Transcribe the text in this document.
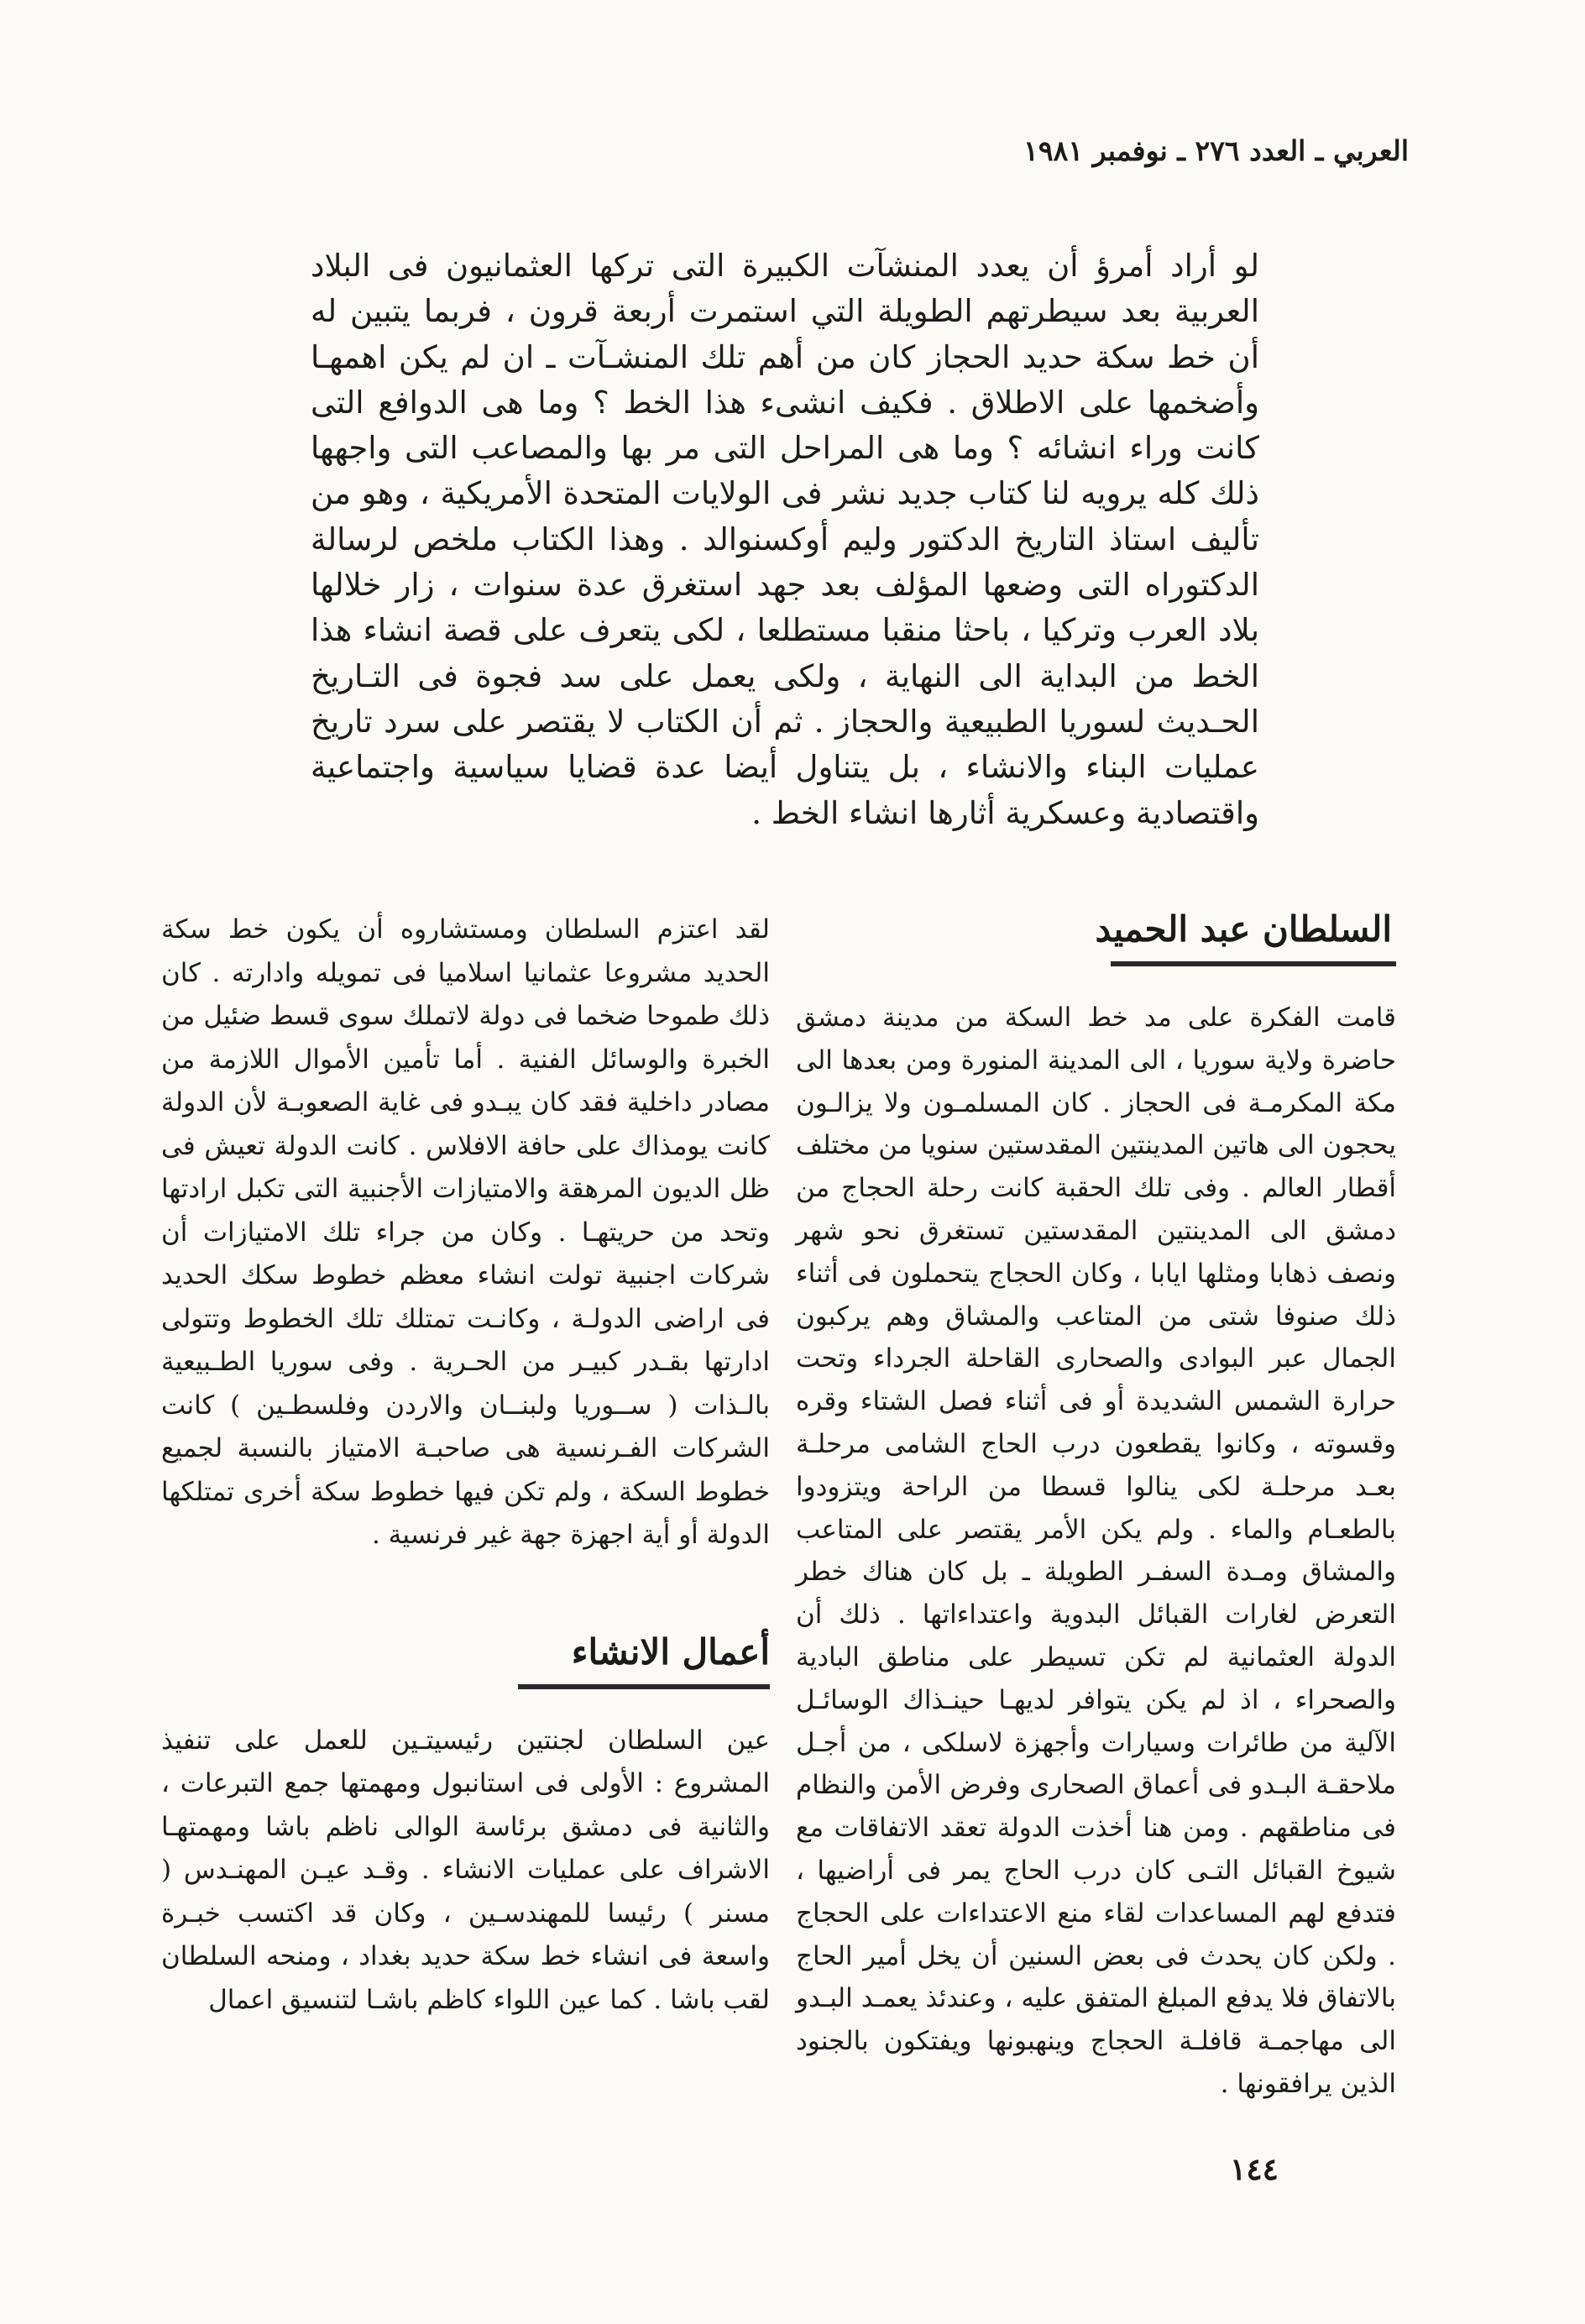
العربي ـ العدد ٢٧٦ ـ نوفمبر ١٩٨١

لو أراد أمرؤ أن يعدد المنشآت الكبيرة التى تركها العثمانيون فى البلاد العربية بعد سيطرتهم الطويلة التي استمرت أربعة قرون ، فربما يتبين له أن خط سكة حديد الحجاز كان من أهم تلك المنشـآت ـ ان لم يكن اهمهـا وأضخمها على الاطلاق . فكيف انشىء هذا الخط ؟ وما هى الدوافع التى كانت وراء انشائه ؟ وما هى المراحل التى مر بها والمصاعب التى واجهها ذلك كله يرويه لنا كتاب جديد نشر فى الولايات المتحدة الأمريكية ، وهو من تأليف استاذ التاريخ الدكتور وليم أوكسنوالد . وهذا الكتاب ملخص لرسالة الدكتوراه التى وضعها المؤلف بعد جهد استغرق عدة سنوات ، زار خلالها بلاد العرب وتركيا ، باحثا منقبا مستطلعا ، لكى يتعرف على قصة انشاء هذا الخط من البداية الى النهاية ، ولكى يعمل على سد فجوة فى التـاريخ الحـديث لسوريا الطبيعية والحجاز . ثم أن الكتاب لا يقتصر على سرد تاريخ عمليات البناء والانشاء ، بل يتناول أيضا عدة قضايا سياسية واجتماعية واقتصادية وعسكرية أثارها انشاء الخط .

السلطان عبد الحميد

قامت الفكرة على مد خط السكة من مدينة دمشق حاضرة ولاية سوريا ، الى المدينة المنورة ومن بعدها الى مكة المكرمـة فى الحجاز . كان المسلمـون ولا يزالـون يحجون الى هاتين المدينتين المقدستين سنويا من مختلف أقطار العالم . وفى تلك الحقبة كانت رحلة الحجاج من دمشق الى المدينتين المقدستين تستغرق نحو شهر ونصف ذهابا ومثلها ايابا ، وكان الحجاج يتحملون فى أثناء ذلك صنوفا شتى من المتاعب والمشاق وهم يركبون الجمال عبر البوادى والصحارى القاحلة الجرداء وتحت حرارة الشمس الشديدة أو فى أثناء فصل الشتاء وقره وقسوته ، وكانوا يقطعون درب الحاج الشامى مرحلـة بعـد مرحلـة لكى ينالوا قسطا من الراحة ويتزودوا بالطعـام والماء . ولم يكن الأمر يقتصر على المتاعب والمشاق ومـدة السفـر الطويلة ـ بل كان هناك خطر التعرض لغارات القبائل البدوية واعتداءاتها . ذلك أن الدولة العثمانية لم تكن تسيطر على مناطق البادية والصحراء ، اذ لم يكن يتوافر لديهـا حينـذاك الوسائـل الآلية من طائرات وسيارات وأجهزة لاسلكى ، من أجـل ملاحقـة البـدو فى أعماق الصحارى وفرض الأمن والنظام فى مناطقهم . ومن هنا أخذت الدولة تعقد الاتفاقات مع شيوخ القبائل التـى كان درب الحاج يمر فى أراضيها ، فتدفع لهم المساعدات لقاء منع الاعتداءات على الحجاج . ولكن كان يحدث فى بعض السنين أن يخل أمير الحاج بالاتفاق فلا يدفع المبلغ المتفق عليه ، وعندئذ يعمـد البـدو الى مهاجمـة قافلـة الحجاج وينهبونها ويفتكون بالجنود الذين يرافقونها .

لقد اعتزم السلطان ومستشاروه أن يكون خط سكة الحديد مشروعا عثمانيا اسلاميا فى تمويله وادارته . كان ذلك طموحا ضخما فى دولة لاتملك سوى قسط ضئيل من الخبرة والوسائل الفنية . أما تأمين الأموال اللازمة من مصادر داخلية فقد كان يبـدو فى غاية الصعوبـة لأن الدولة كانت يومذاك على حافة الافلاس . كانت الدولة تعيش فى ظل الديون المرهقة والامتيازات الأجنبية التى تكبل ارادتها وتحد من حريتهـا . وكان من جراء تلك الامتيازات أن شركات اجنبية تولت انشاء معظم خطوط سكك الحديد فى اراضى الدولـة ، وكانـت تمتلك تلك الخطوط وتتولى ادارتها بقـدر كبيـر من الحـرية . وفى سوريا الطـبيعية بالـذات ( ســوريا ولبنــان والاردن وفلسطـين ) كانت الشركات الفـرنسية هى صاحبـة الامتياز بالنسبة لجميع خطوط السكة ، ولم تكن فيها خطوط سكة أخرى تمتلكها الدولة أو أية اجهزة جهة غير فرنسية .

أعمال الانشاء

عين السلطان لجنتين رئيسيتـين للعمل على تنفيذ المشروع : الأولى فى استانبول ومهمتها جمع التبرعات ، والثانية فى دمشق برئاسة الوالى ناظم باشا ومهمتهـا الاشراف على عمليات الانشاء . وقـد عيـن المهنـدس ( مسنر ) رئيسا للمهندسـين ، وكان قد اكتسب خبـرة واسعة فى انشاء خط سكة حديد بغداد ، ومنحه السلطان لقب باشا . كما عين اللواء كاظم باشـا لتنسيق اعمال

١٤٤
